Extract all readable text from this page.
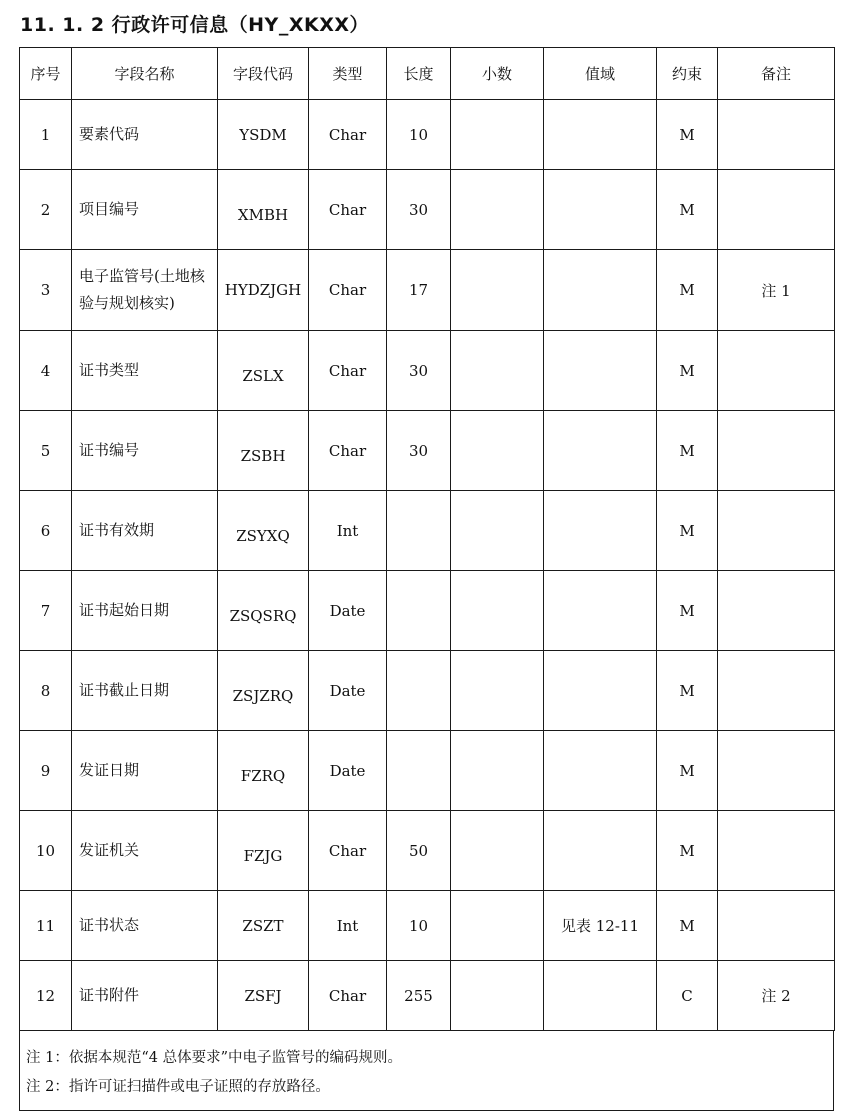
11. 1. 2 行政许可信息（HY_XKXX）
序号	字段名称	字段代码	类型	长度	小数	值域	约束	备注
1	要素代码	YSDM	Char	10			M	
2	项目编号	XMBH	Char	30			M	
3	电子监管号(土地核验与规划核实)	HYDZJGH	Char	17			M	注 1
4	证书类型	ZSLX	Char	30			M	
5	证书编号	ZSBH	Char	30			M	
6	证书有效期	ZSYXQ	Int				M	
7	证书起始日期	ZSQSRQ	Date				M	
8	证书截止日期	ZSJZRQ	Date				M	
9	发证日期	FZRQ	Date				M	
10	发证机关	FZJG	Char	50			M	
11	证书状态	ZSZT	Int	10		见表 12-11	M	
12	证书附件	ZSFJ	Char	255			C	注 2
注 1：依据本规范“4 总体要求”中电子监管号的编码规则。
注 2：指许可证扫描件或电子证照的存放路径。
